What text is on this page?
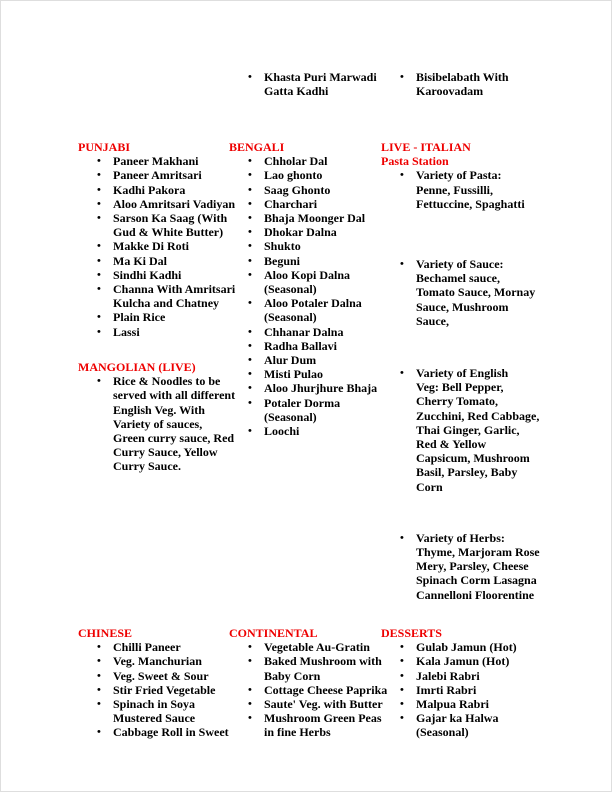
•	Khasta Puri Marwadi
Gatta Kadhi
•	Bisibelabath With
Karoovadam
PUNJABI
•	Paneer Makhani
•	Paneer Amritsari
•	Kadhi Pakora
•	Aloo Amritsari Vadiyan
•	Sarson Ka Saag (With
Gud & White Butter)
•	Makke Di Roti
•	Ma Ki Dal
•	Sindhi Kadhi
•	Channa With Amritsari
Kulcha and Chatney
•	Plain Rice
•	Lassi
MANGOLIAN (LIVE)
•	Rice & Noodles to be
served with all different
English Veg. With
Variety of sauces,
Green curry sauce, Red
Curry Sauce, Yellow
Curry Sauce.
BENGALI
•	Chholar Dal
•	Lao ghonto
•	Saag Ghonto
•	Charchari
•	Bhaja Moonger Dal
•	Dhokar Dalna
•	Shukto
•	Beguni
•	Aloo Kopi Dalna
(Seasonal)
•	Aloo Potaler Dalna
(Seasonal)
•	Chhanar Dalna
•	Radha Ballavi
•	Alur Dum
•	Misti Pulao
•	Aloo Jhurjhure Bhaja
•	Potaler Dorma
(Seasonal)
•	Loochi
LIVE - ITALIAN
Pasta Station
•	Variety of Pasta:
Penne, Fussilli,
Fettuccine, Spaghatti
•	Variety of Sauce:
Bechamel sauce,
Tomato Sauce, Mornay
Sauce, Mushroom
Sauce,
•	Variety of English
Veg: Bell Pepper,
Cherry Tomato,
Zucchini, Red Cabbage,
Thai Ginger, Garlic,
Red & Yellow
Capsicum, Mushroom
Basil, Parsley, Baby
Corn
•	Variety of Herbs:
Thyme, Marjoram Rose
Mery, Parsley, Cheese
Spinach Corm Lasagna
Cannelloni Floorentine
CHINESE
•	Chilli Paneer
•	Veg. Manchurian
•	Veg. Sweet & Sour
•	Stir Fried Vegetable
•	Spinach in Soya
Mustered Sauce
•	Cabbage Roll in Sweet
CONTINENTAL
•	Vegetable Au-Gratin
•	Baked Mushroom with
Baby Corn
•	Cottage Cheese Paprika
•	Saute' Veg. with Butter
•	Mushroom Green Peas
in fine Herbs
DESSERTS
•	Gulab Jamun (Hot)
•	Kala Jamun (Hot)
•	Jalebi Rabri
•	Imrti Rabri
•	Malpua Rabri
•	Gajar ka Halwa
(Seasonal)
